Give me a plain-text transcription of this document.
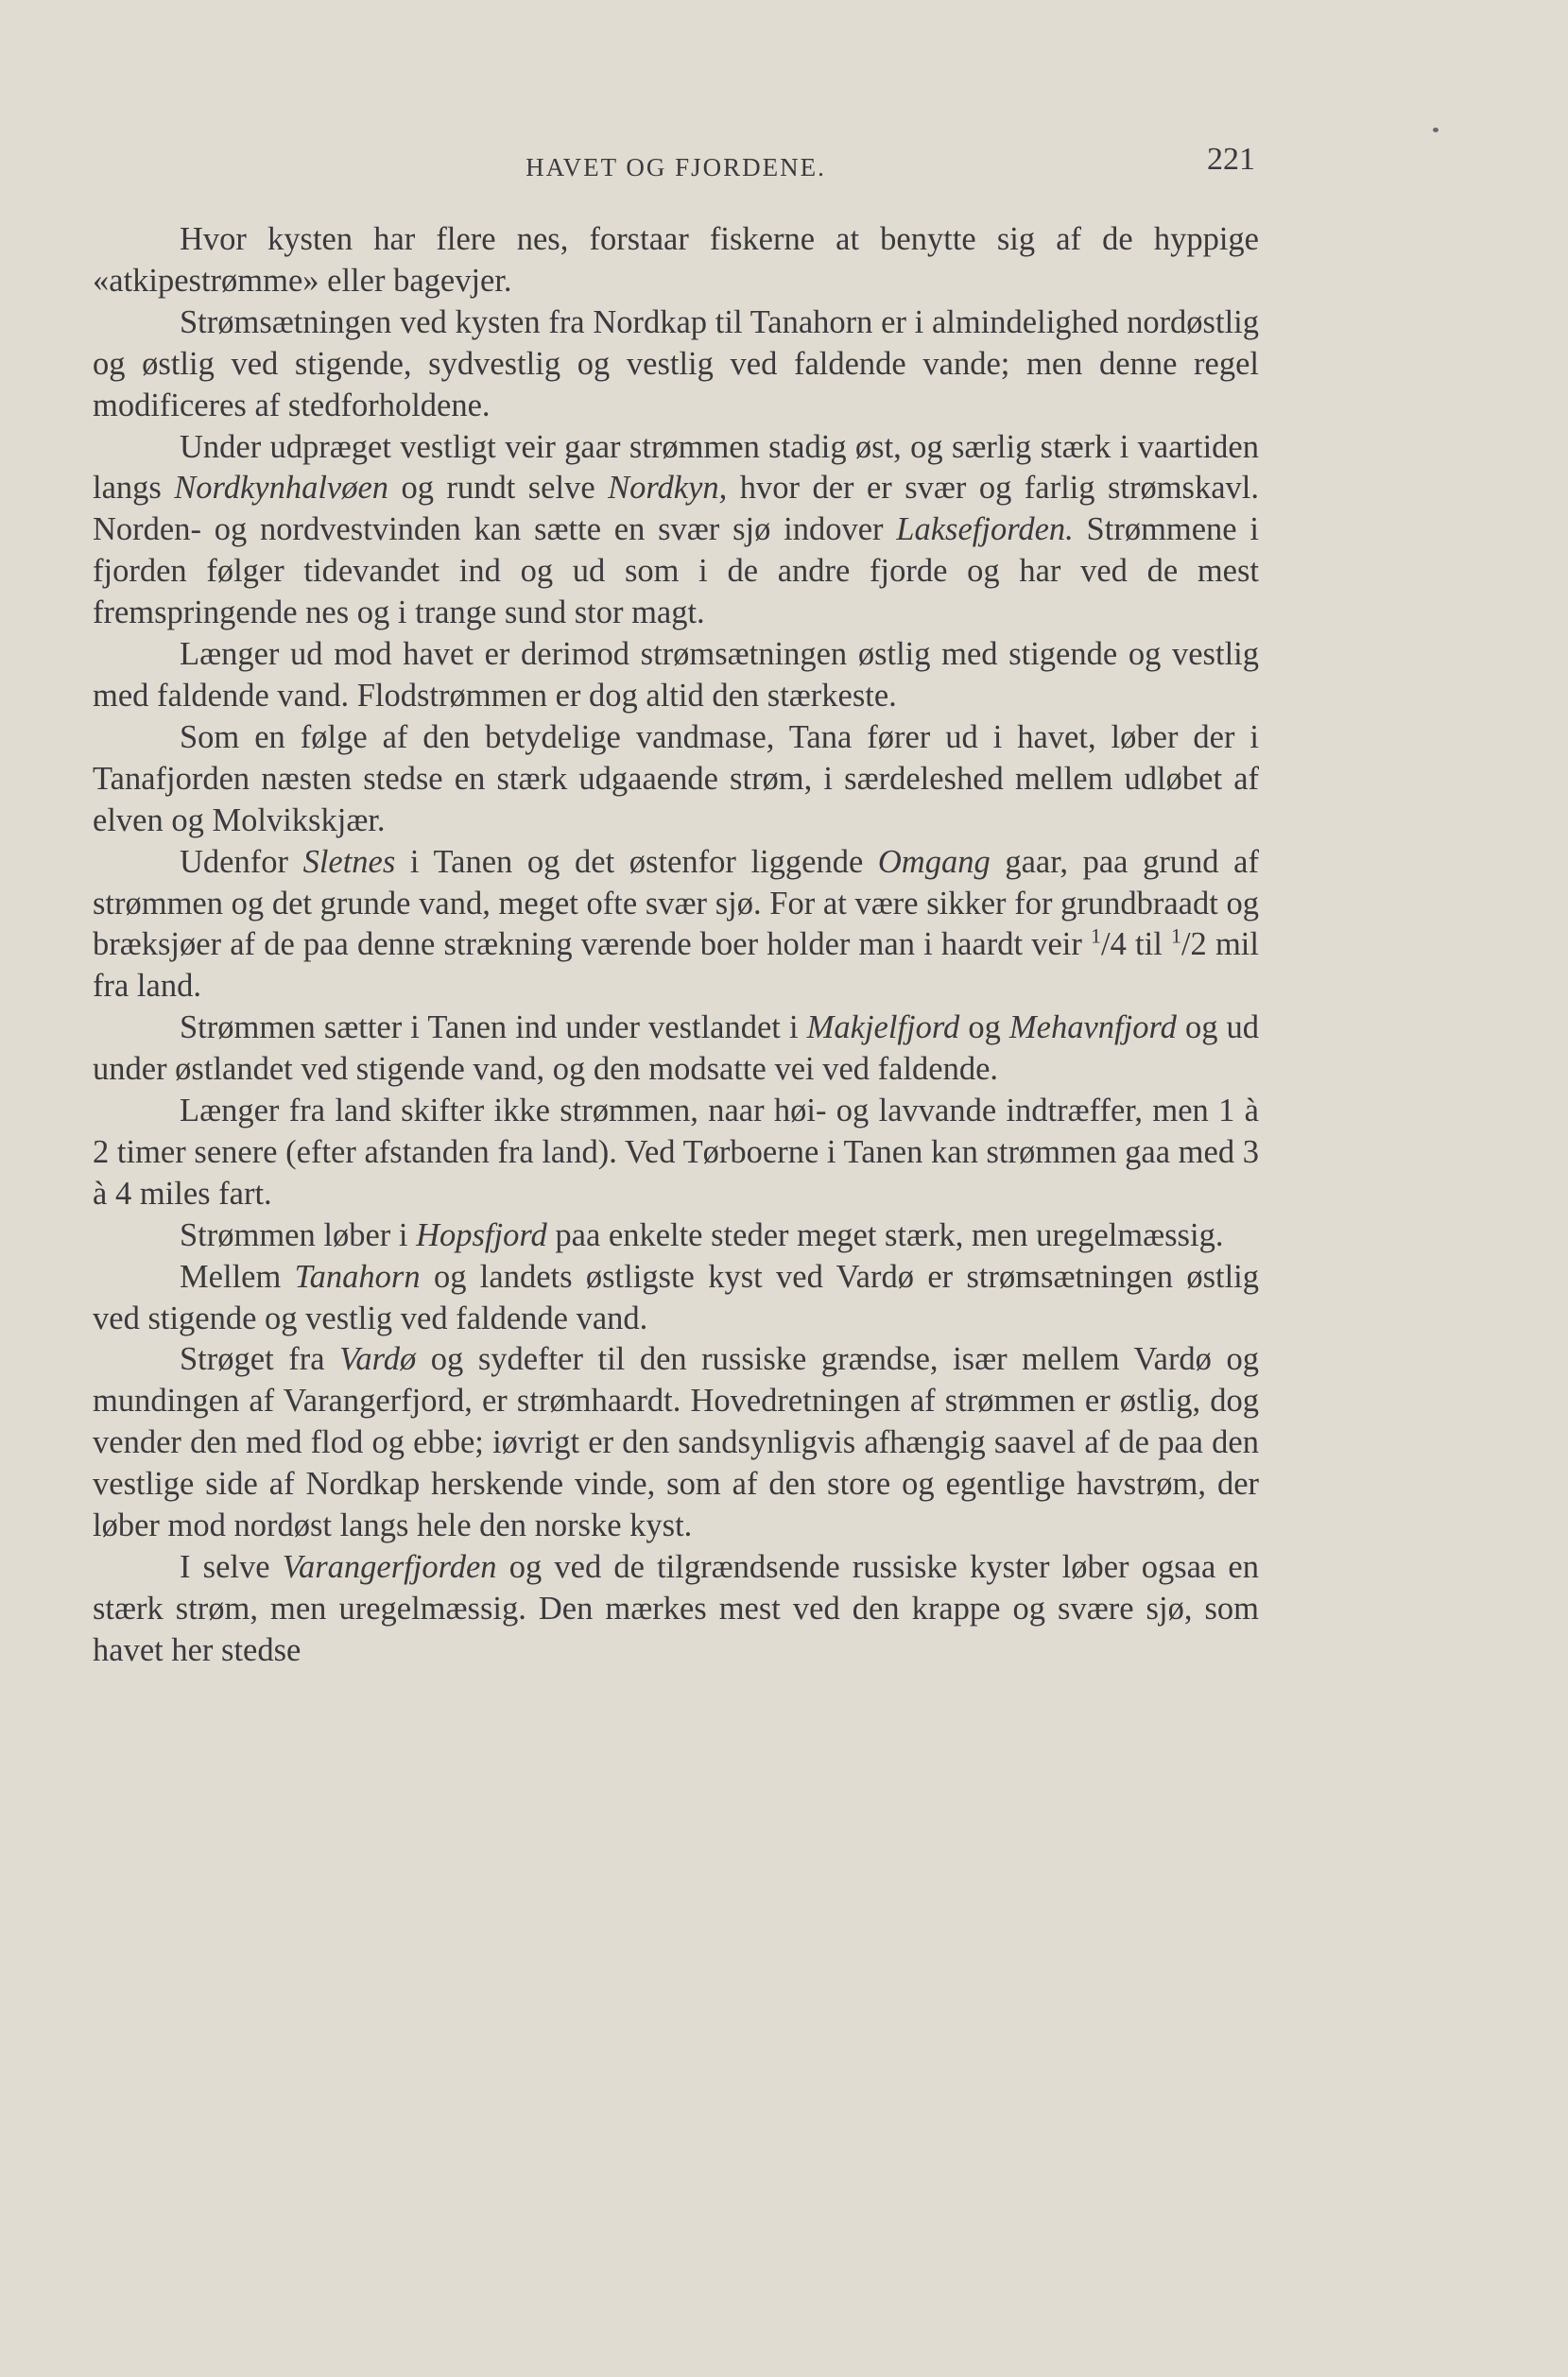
HAVET OG FJORDENE.	221

Hvor kysten har flere nes, forstaar fiskerne at benytte sig af de hyppige «atkipestrømme» eller bagevjer.

Strømsætningen ved kysten fra Nordkap til Tanahorn er i almindelighed nordøstlig og østlig ved stigende, sydvestlig og vestlig ved faldende vande; men denne regel modificeres af stedforholdene.

Under udpræget vestligt veir gaar strømmen stadig øst, og særlig stærk i vaartiden langs Nordkynhalvøen og rundt selve Nordkyn, hvor der er svær og farlig strømskavl. Norden- og nordvestvinden kan sætte en svær sjø indover Laksefjorden. Strømmene i fjorden følger tidevandet ind og ud som i de andre fjorde og har ved de mest fremspringende nes og i trange sund stor magt.

Længer ud mod havet er derimod strømsætningen østlig med stigende og vestlig med faldende vand. Flodstrømmen er dog altid den stærkeste.

Som en følge af den betydelige vandmase, Tana fører ud i havet, løber der i Tanafjorden næsten stedse en stærk udgaaende strøm, i særdeleshed mellem udløbet af elven og Molvikskjær.

Udenfor Sletnes i Tanen og det østenfor liggende Omgang gaar, paa grund af strømmen og det grunde vand, meget ofte svær sjø. For at være sikker for grundbraadt og bræksjøer af de paa denne strækning værende boer holder man i haardt veir $^1$/4 til $^1$/2 mil fra land.

Strømmen sætter i Tanen ind under vestlandet i Makjelfjord og Mehavnfjord og ud under østlandet ved stigende vand, og den modsatte vei ved faldende.

Længer fra land skifter ikke strømmen, naar høi- og lavvande indtræffer, men 1 à 2 timer senere (efter afstanden fra land). Ved Tørboerne i Tanen kan strømmen gaa med 3 à 4 miles fart.

Strømmen løber i Hopsfjord paa enkelte steder meget stærk, men uregelmæssig.

Mellem Tanahorn og landets østligste kyst ved Vardø er strømsætningen østlig ved stigende og vestlig ved faldende vand.

Strøget fra Vardø og sydefter til den russiske grændse, især mellem Vardø og mundingen af Varangerfjord, er strømhaardt. Hovedretningen af strømmen er østlig, dog vender den med flod og ebbe; iøvrigt er den sandsynligvis afhængig saavel af de paa den vestlige side af Nordkap herskende vinde, som af den store og egentlige havstrøm, der løber mod nordøst langs hele den norske kyst.

I selve Varangerfjorden og ved de tilgrændsende russiske kyster løber ogsaa en stærk strøm, men uregelmæssig. Den mærkes mest ved den krappe og svære sjø, som havet her stedse
